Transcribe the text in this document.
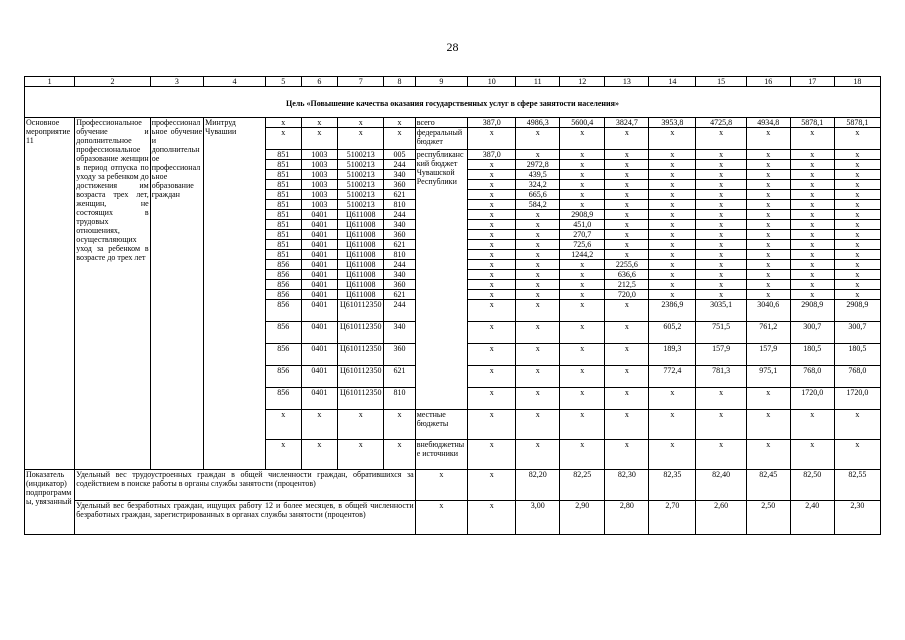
28
1	2	3	4	5	6	7	8	9	10	11	12	13	14	15	16	17	18
Цель «Повышение качества оказания государственных услуг в сфере занятости населения»																	
Основное мероприятие 11	Профессиональное обучение и дополнительное профессиональное образование женщин в период отпуска по уходу за ребенком до достижения им возраста трех лет, женщин, не состоящих в трудовых отношениях, осуществляющих уход за ребенком в возрасте до трех лет	профессиональное обучение и дополнительное профессиональное образование граждан	Минтруд Чувашии	х	х	х	х	всего	387,0	4986,3	5600,4	3824,7	3953,8	4725,8	4934,8	5878,1	5878,1
				х	х	х	х	федеральный бюджет	х	х	х	х	х	х	х	х	х
				851	1003	5100213	005	республиканский бюджет Чувашской Республики	387,0	х	х	х	х	х	х	х	х
				851	1003	5100213	244		х	2972,8	х	х	х	х	х	х	х
				851	1003	5100213	340		х	439,5	х	х	х	х	х	х	х
				851	1003	5100213	360		х	324,2	х	х	х	х	х	х	х
				851	1003	5100213	621		х	665,6	х	х	х	х	х	х	х
				851	1003	5100213	810		х	584,2	х	х	х	х	х	х	х
				851	0401	Ц611008	244		х	х	2908,9	х	х	х	х	х	х
				851	0401	Ц611008	340		х	х	451,0	х	х	х	х	х	х
				851	0401	Ц611008	360		х	х	270,7	х	х	х	х	х	х
				851	0401	Ц611008	621		х	х	725,6	х	х	х	х	х	х
				851	0401	Ц611008	810		х	х	1244,2	х	х	х	х	х	х
				856	0401	Ц611008	244		х	х	х	2255,6	х	х	х	х	х
				856	0401	Ц611008	340		х	х	х	636,6	х	х	х	х	х
				856	0401	Ц611008	360		х	х	х	212,5	х	х	х	х	х
				856	0401	Ц611008	621		х	х	х	720,0	х	х	х	х	х
				856	0401	Ц610112350	244		х	х	х	х	2386,9	3035,1	3040,6	2908,9	2908,9
				856	0401	Ц610112350	340		х	х	х	х	605,2	751,5	761,2	300,7	300,7
				856	0401	Ц610112350	360		х	х	х	х	189,3	157,9	157,9	180,5	180,5
				856	0401	Ц610112350	621		х	х	х	х	772,4	781,3	975,1	768,0	768,0
				856	0401	Ц610112350	810		х	х	х	х	х	х	х	1720,0	1720,0
				х	х	х	х	местные бюджеты	х	х	х	х	х	х	х	х	х
				х	х	х	х	внебюджетные источники	х	х	х	х	х	х	х	х	х
Показатель (индикатор) подпрограммы, увязанный	Удельный вес трудоустроенных граждан в общей численности граждан, обратившихся за содействием в поиске работы в органы службы занятости (процентов)							х	х	82,20	82,25	82,30	82,35	82,40	82,45	82,50	82,55
	Удельный вес безработных граждан, ищущих работу 12 и более месяцев, в общей численности безработных граждан, зарегистрированных в органах службы занятости (процентов)							х	х	3,00	2,90	2,80	2,70	2,60	2,50	2,40	2,30
